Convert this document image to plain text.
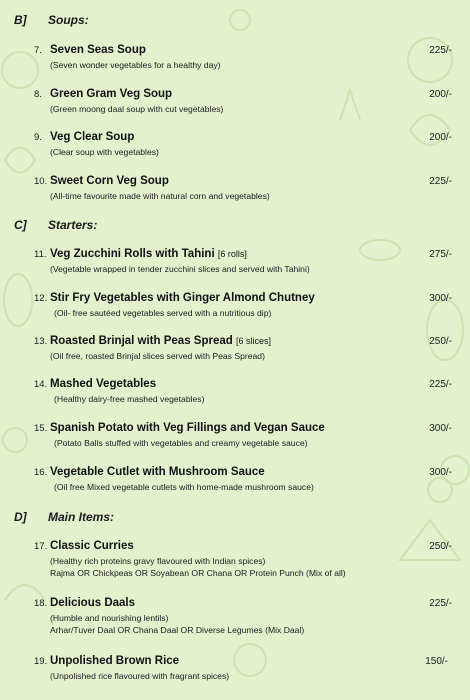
B] Soups:
7. Seven Seas Soup	225/-
(Seven wonder vegetables for a healthy day)
8. Green Gram Veg Soup	200/-
(Green moong daal soup with cut vegetables)
9. Veg Clear Soup	200/-
(Clear soup with vegetables)
10. Sweet Corn Veg Soup	225/-
(All-time favourite made with natural corn and vegetables)
C] Starters:
11. Veg Zucchini Rolls with Tahini [6 rolls]	275/-
(Vegetable wrapped in tender zucchini slices and served with Tahini)
12. Stir Fry Vegetables with Ginger Almond Chutney	300/-
(Oil- free sautéed vegetables served with a nutritious dip)
13. Roasted Brinjal with Peas Spread [6 slices]	250/-
(Oil free, roasted Brinjal slices served with Peas Spread)
14. Mashed Vegetables	225/-
(Healthy dairy-free mashed vegetables)
15. Spanish Potato with Veg Fillings and Vegan Sauce	300/-
(Potato Balls stuffed with vegetables and creamy vegetable sauce)
16. Vegetable Cutlet with Mushroom Sauce	300/-
(Oil free Mixed vegetable cutlets with home-made mushroom sauce)
D] Main Items:
17. Classic Curries	250/-
(Healthy rich proteins gravy flavoured with Indian spices)
Rajma OR Chickpeas OR Soyabean OR Chana OR Protein Punch (Mix of all)
18. Delicious Daals	225/-
(Humble and nourishing lentils)
Arhar/Tuver Daal OR Chana Daal OR Diverse Legumes (Mix Daal)
19. Unpolished Brown Rice	150/-
(Unpolished rice flavoured with fragrant spices)
